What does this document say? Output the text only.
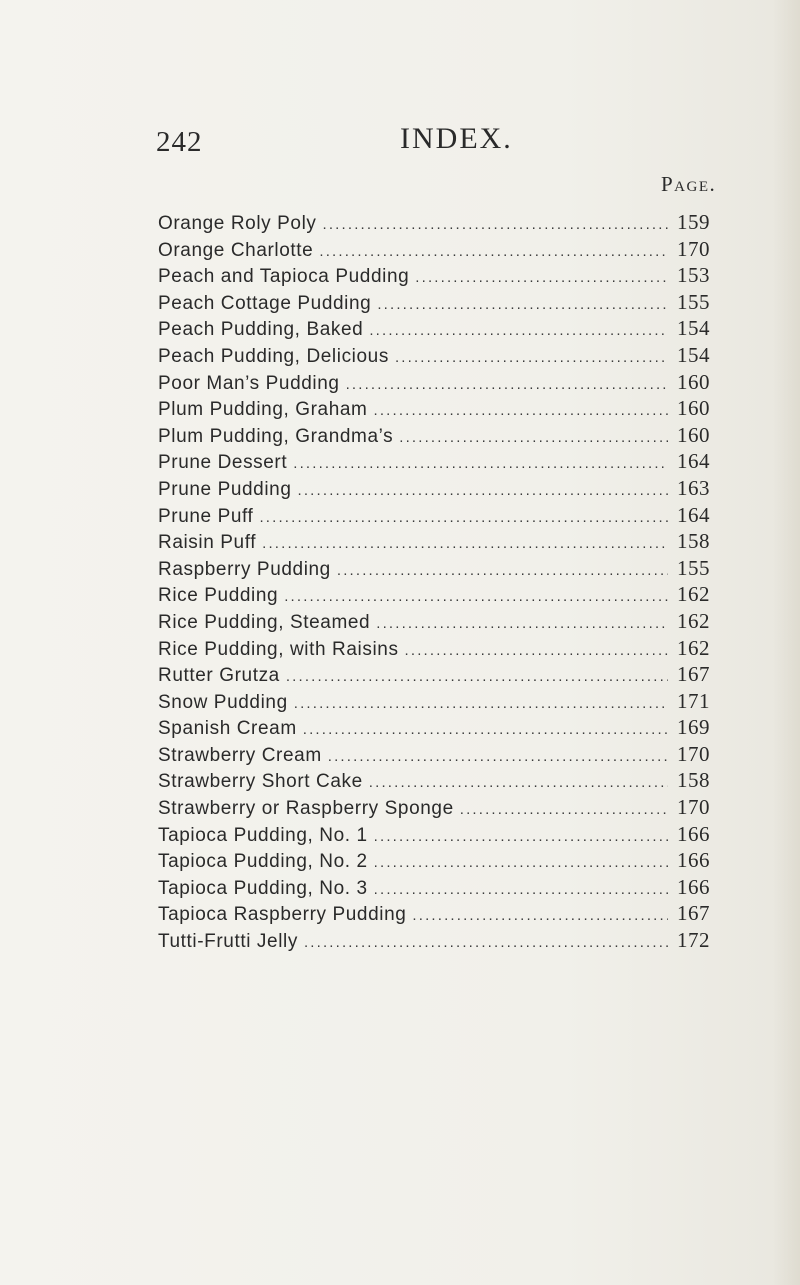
242	INDEX.
Page.
Orange Roly Poly . . .	159
Orange Charlotte . . .	170
Peach and Tapioca Pudding . . .	153
Peach Cottage Pudding . . .	155
Peach Pudding, Baked . . .	154
Peach Pudding, Delicious . . .	154
Poor Man’s Pudding . . .	160
Plum Pudding, Graham . . .	160
Plum Pudding, Grandma’s . . .	160
Prune Dessert . . .	164
Prune Pudding . . .	163
Prune Puff . . .	164
Raisin Puff . . .	158
Raspberry Pudding . . .	155
Rice Pudding . . .	162
Rice Pudding, Steamed . . .	162
Rice Pudding, with Raisins . . .	162
Rutter Grutza . . .	167
Snow Pudding . . .	171
Spanish Cream . . .	169
Strawberry Cream . . .	170
Strawberry Short Cake . . .	158
Strawberry or Raspberry Sponge . . .	170
Tapioca Pudding, No. 1 . . .	166
Tapioca Pudding, No. 2 . . .	166
Tapioca Pudding, No. 3 . . .	166
Tapioca Raspberry Pudding . . .	167
Tutti-Frutti Jelly . . .	172
